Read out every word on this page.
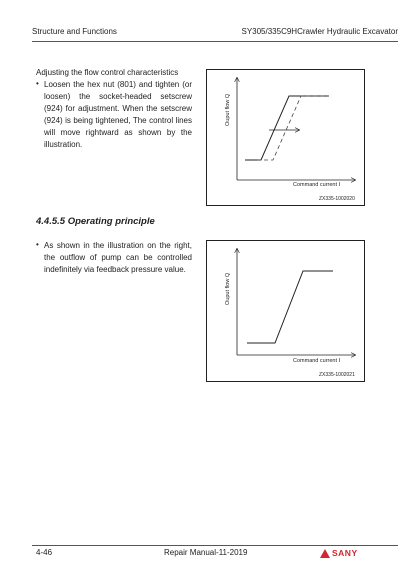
Structure and Functions	SY305/335C9HCrawler Hydraulic Excavator
Adjusting the flow control characteristics
• Loosen the hex nut (801) and tighten (or loosen) the socket-headed setscrew (924) for adjustment. When the setscrew (924) is being tightened, The control lines will move rightward as shown by the illustration.
Ouput flow Q
Command current I
ZX335-1002020
4.4.5.5 Operating principle
• As shown in the illustration on the right, the outflow of pump can be controlled indefinitely via feedback pressure value.
Ouput flow Q
Command current I
ZX335-1002021
4-46	Repair Manual-11-2019	SANY
